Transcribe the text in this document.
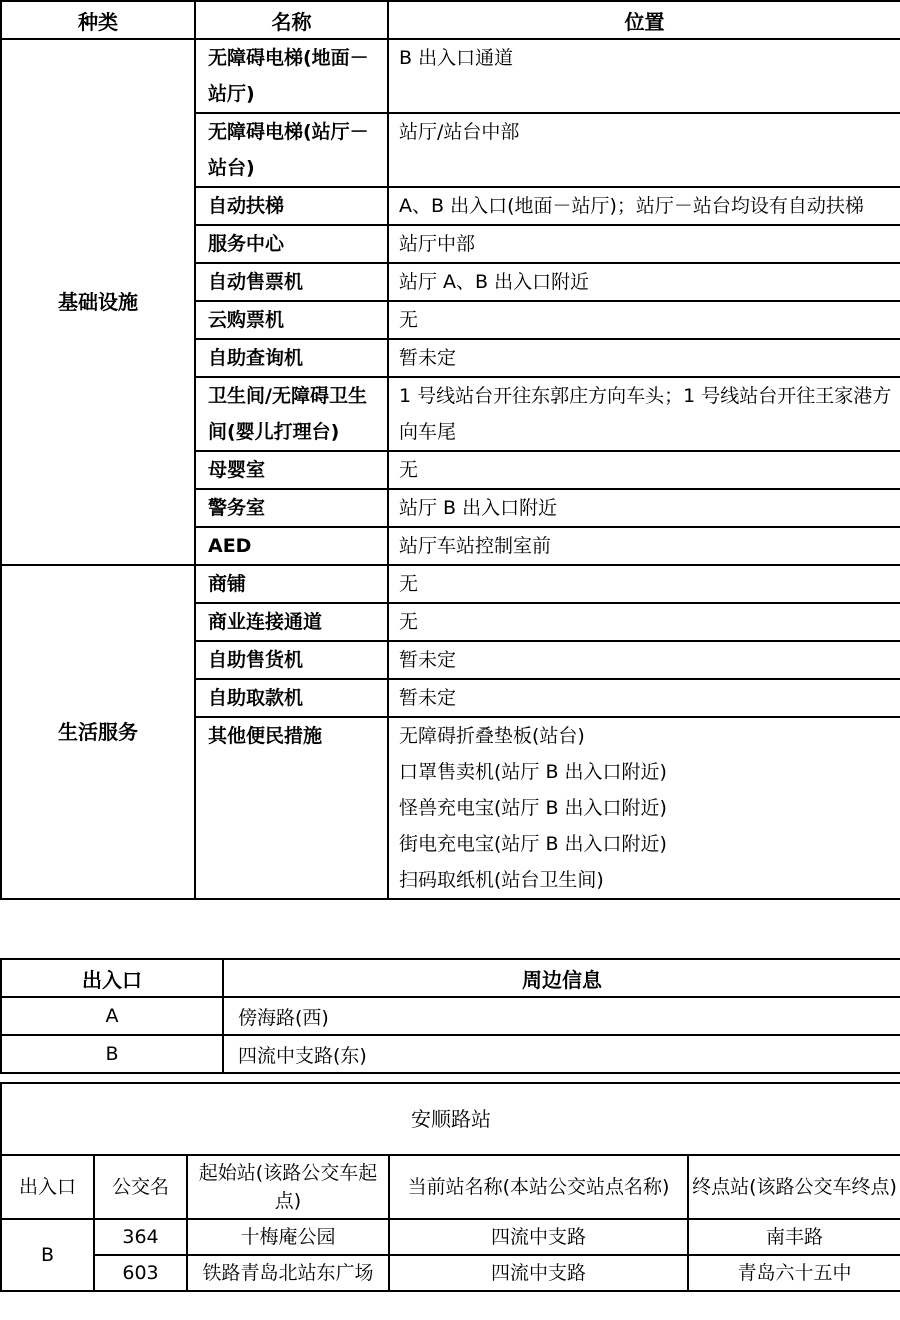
种类	名称	位置
基础设施	无障碍电梯(地面－站厅)	B 出入口通道
	无障碍电梯(站厅－站台)	站厅/站台中部
	自动扶梯	A、B 出入口(地面－站厅)；站厅－站台均设有自动扶梯
	服务中心	站厅中部
	自动售票机	站厅 A、B 出入口附近
	云购票机	无
	自助查询机	暂未定
	卫生间/无障碍卫生间(婴儿打理台)	1 号线站台开往东郭庄方向车头；1 号线站台开往王家港方向车尾
	母婴室	无
	警务室	站厅 B 出入口附近
	AED	站厅车站控制室前
生活服务	商铺	无
	商业连接通道	无
	自助售货机	暂未定
	自助取款机	暂未定
	其他便民措施	无障碍折叠垫板(站台)
口罩售卖机(站厅 B 出入口附近)
怪兽充电宝(站厅 B 出入口附近)
街电充电宝(站厅 B 出入口附近)
扫码取纸机(站台卫生间)
出入口	周边信息
A	傍海路(西)
B	四流中支路(东)
安顺路站				
出入口	公交名	起始站(该路公交车起点)	当前站名称(本站公交站点名称)	终点站(该路公交车终点)
B	364	十梅庵公园	四流中支路	南丰路
	603	铁路青岛北站东广场	四流中支路	青岛六十五中
